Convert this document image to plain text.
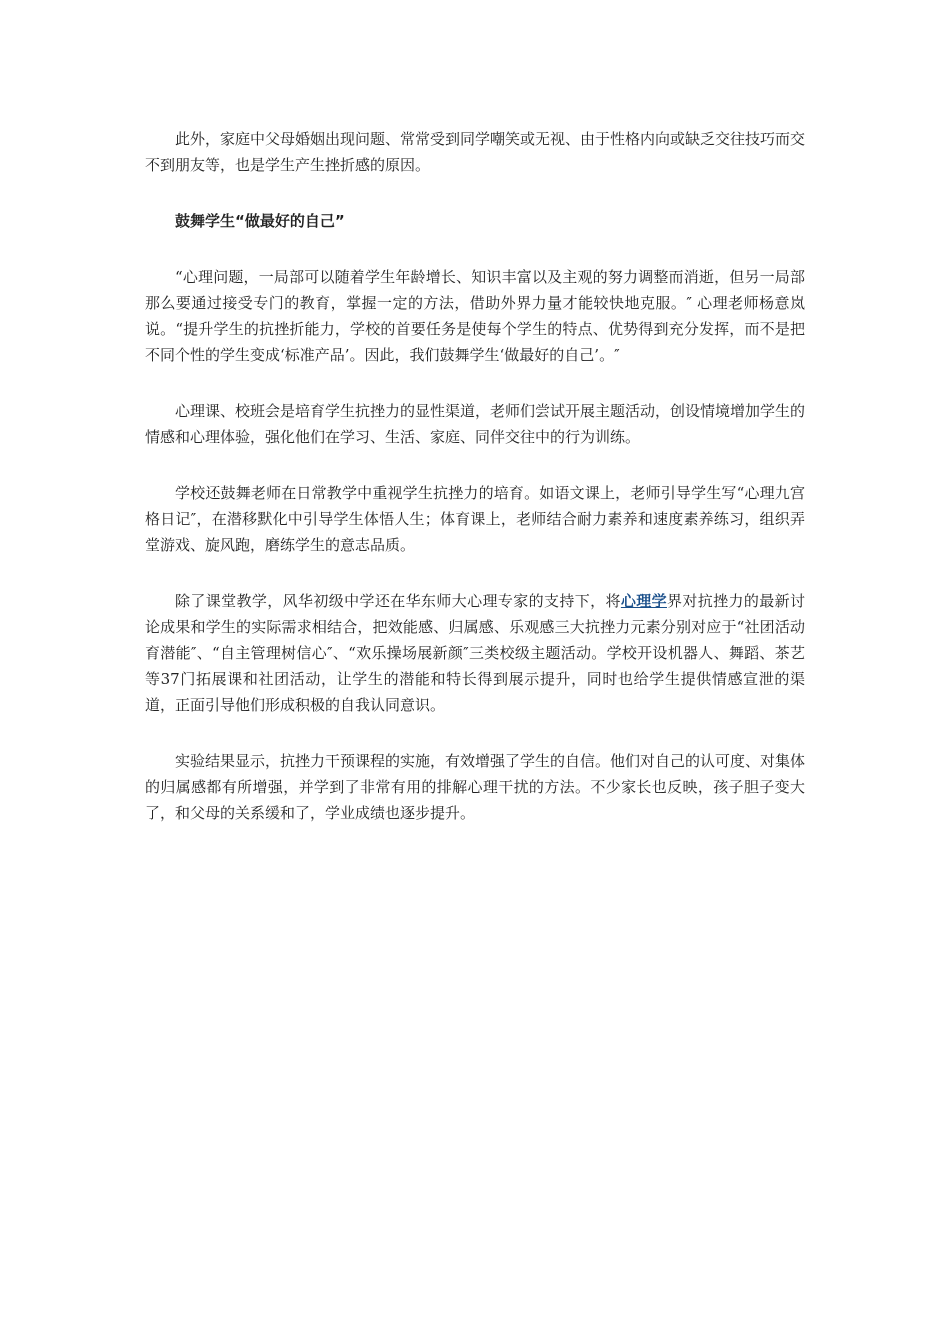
此外，家庭中父母婚姻出现问题、常常受到同学嘲笑或无视、由于性格内向或缺乏交往技巧而交不到朋友等，也是学生产生挫折感的原因。

鼓舞学生“做最好的自己”

“心理问题，一局部可以随着学生年龄增长、知识丰富以及主观的努力调整而消逝，但另一局部那么要通过接受专门的教育，掌握一定的方法，借助外界力量才能较快地克服。″ 心理老师杨意岚说。“提升学生的抗挫折能力，学校的首要任务是使每个学生的特点、优势得到充分发挥，而不是把不同个性的学生变成‘标准产品’。因此，我们鼓舞学生‘做最好的自己’。″

心理课、校班会是培育学生抗挫力的显性渠道，老师们尝试开展主题活动，创设情境增加学生的情感和心理体验，强化他们在学习、生活、家庭、同伴交往中的行为训练。

学校还鼓舞老师在日常教学中重视学生抗挫力的培育。如语文课上，老师引导学生写“心理九宫格日记″，在潜移默化中引导学生体悟人生；体育课上，老师结合耐力素养和速度素养练习，组织弄堂游戏、旋风跑，磨练学生的意志品质。

除了课堂教学，风华初级中学还在华东师大心理专家的支持下，将心理学界对抗挫力的最新讨论成果和学生的实际需求相结合，把效能感、归属感、乐观感三大抗挫力元素分别对应于“社团活动育潜能″、“自主管理树信心″、“欢乐操场展新颜″三类校级主题活动。学校开设机器人、舞蹈、茶艺等37门拓展课和社团活动，让学生的潜能和特长得到展示提升，同时也给学生提供情感宣泄的渠道，正面引导他们形成积极的自我认同意识。

实验结果显示，抗挫力干预课程的实施，有效增强了学生的自信。他们对自己的认可度、对集体的归属感都有所增强，并学到了非常有用的排解心理干扰的方法。不少家长也反映，孩子胆子变大了，和父母的关系缓和了，学业成绩也逐步提升。
